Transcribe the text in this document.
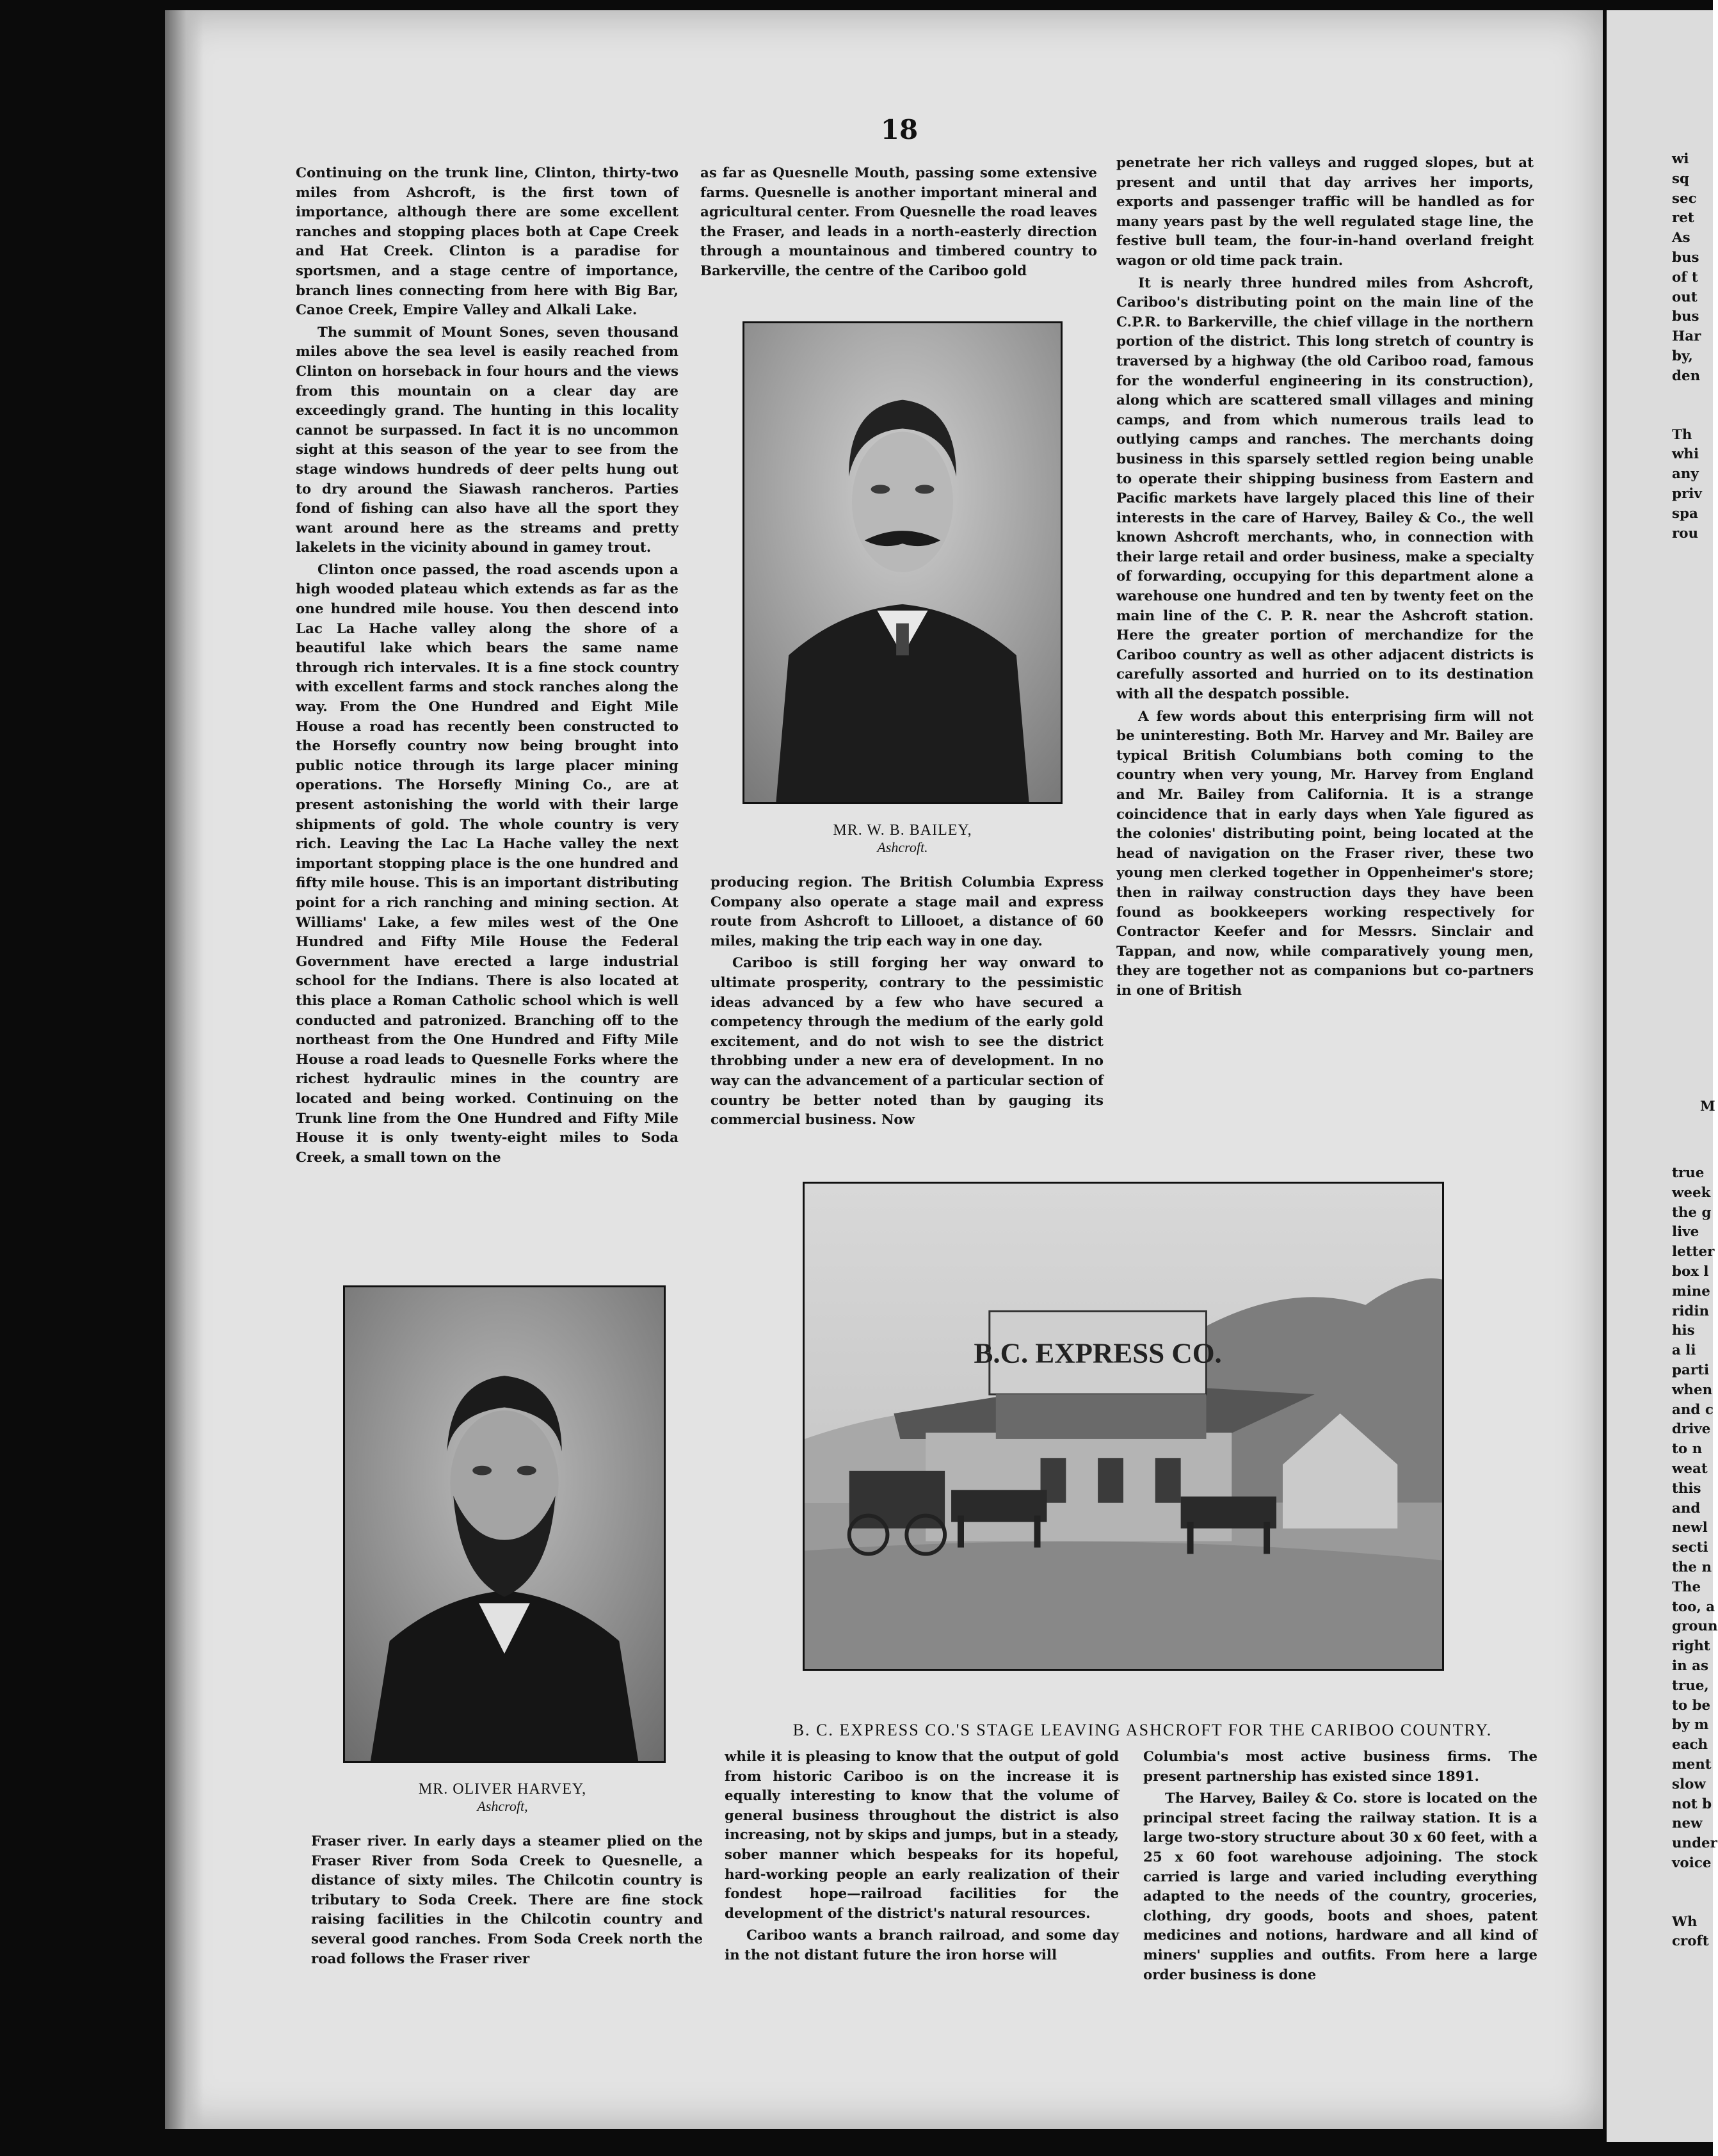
18

Continuing on the trunk line, Clinton, thirty-two miles from Ashcroft, is the first town of importance, although there are some excellent ranches and stopping places both at Cape Creek and Hat Creek. Clinton is a paradise for sportsmen, and a stage centre of importance, branch lines connecting from here with Big Bar, Canoe Creek, Empire Valley and Alkali Lake.

The summit of Mount Sones, seven thousand miles above the sea level is easily reached from Clinton on horseback in four hours and the views from this mountain on a clear day are exceedingly grand. The hunting in this locality cannot be surpassed. In fact it is no uncommon sight at this season of the year to see from the stage windows hundreds of deer pelts hung out to dry around the Siawash rancheros. Parties fond of fishing can also have all the sport they want around here as the streams and pretty lakelets in the vicinity abound in gamey trout.

Clinton once passed, the road ascends upon a high wooded plateau which extends as far as the one hundred mile house. You then descend into Lac La Hache valley along the shore of a beautiful lake which bears the same name through rich intervales. It is a fine stock country with excellent farms and stock ranches along the way. From the One Hundred and Eight Mile House a road has recently been constructed to the Horsefly country now being brought into public notice through its large placer mining operations. The Horsefly Mining Co., are at present astonishing the world with their large shipments of gold. The whole country is very rich. Leaving the Lac La Hache valley the next important stopping place is the one hundred and fifty mile house. This is an important distributing point for a rich ranching and mining section. At Williams' Lake, a few miles west of the One Hundred and Fifty Mile House the Federal Government have erected a large industrial school for the Indians. There is also located at this place a Roman Catholic school which is well conducted and patronized. Branching off to the northeast from the One Hundred and Fifty Mile House a road leads to Quesnelle Forks where the richest hydraulic mines in the country are located and being worked. Continuing on the Trunk line from the One Hundred and Fifty Mile House it is only twenty-eight miles to Soda Creek, a small town on the

MR. OLIVER HARVEY,
Ashcroft,

Fraser river. In early days a steamer plied on the Fraser River from Soda Creek to Quesnelle, a distance of sixty miles. The Chilcotin country is tributary to Soda Creek. There are fine stock raising facilities in the Chilcotin country and several good ranches. From Soda Creek north the road follows the Fraser river

as far as Quesnelle Mouth, passing some extensive farms. Quesnelle is another important mineral and agricultural center. From Quesnelle the road leaves the Fraser, and leads in a north-easterly direction through a mountainous and timbered country to Barkerville, the centre of the Cariboo gold

MR. W. B. BAILEY,
Ashcroft.

producing region. The British Columbia Express Company also operate a stage mail and express route from Ashcroft to Lillooet, a distance of 60 miles, making the trip each way in one day.

Cariboo is still forging her way onward to ultimate prosperity, contrary to the pessimistic ideas advanced by a few who have secured a competency through the medium of the early gold excitement, and do not wish to see the district throbbing under a new era of development. In no way can the advancement of a particular section of country be better noted than by gauging its commercial business. Now

penetrate her rich valleys and rugged slopes, but at present and until that day arrives her imports, exports and passenger traffic will be handled as for many years past by the well regulated stage line, the festive bull team, the four-in-hand overland freight wagon or old time pack train.

It is nearly three hundred miles from Ashcroft, Cariboo's distributing point on the main line of the C.P.R. to Barkerville, the chief village in the northern portion of the district. This long stretch of country is traversed by a highway (the old Cariboo road, famous for the wonderful engineering in its construction), along which are scattered small villages and mining camps, and from which numerous trails lead to outlying camps and ranches. The merchants doing business in this sparsely settled region being unable to operate their shipping business from Eastern and Pacific markets have largely placed this line of their interests in the care of Harvey, Bailey & Co., the well known Ashcroft merchants, who, in connection with their large retail and order business, make a specialty of forwarding, occupying for this department alone a warehouse one hundred and ten by twenty feet on the main line of the C. P. R. near the Ashcroft station. Here the greater portion of merchandize for the Cariboo country as well as other adjacent districts is carefully assorted and hurried on to its destination with all the despatch possible.

A few words about this enterprising firm will not be uninteresting. Both Mr. Harvey and Mr. Bailey are typical British Columbians both coming to the country when very young, Mr. Harvey from England and Mr. Bailey from California. It is a strange coincidence that in early days when Yale figured as the colonies' distributing point, being located at the head of navigation on the Fraser river, these two young men clerked together in Oppenheimer's store; then in railway construction days they have been found as bookkeepers working respectively for Contractor Keefer and for Messrs. Sinclair and Tappan, and now, while comparatively young men, they are together not as companions but co-partners in one of British

B.C. EXPRESS CO.
B. C. EXPRESS CO.'S STAGE LEAVING ASHCROFT FOR THE CARIBOO COUNTRY.

while it is pleasing to know that the output of gold from historic Cariboo is on the increase it is equally interesting to know that the volume of general business throughout the district is also increasing, not by skips and jumps, but in a steady, sober manner which bespeaks for its hopeful, hard-working people an early realization of their fondest hope—railroad facilities for the development of the district's natural resources.

Cariboo wants a branch railroad, and some day in the not distant future the iron horse will

Columbia's most active business firms. The present partnership has existed since 1891.

The Harvey, Bailey & Co. store is located on the principal street facing the railway station. It is a large two-story structure about 30 x 60 feet, with a 25 x 60 foot warehouse adjoining. The stock carried is large and varied including everything adapted to the needs of the country, groceries, clothing, dry goods, boots and shoes, patent medicines and notions, hardware and all kind of miners' supplies and outfits. From here a large order business is done

wi
sq
sec
ret
As
bus
of t
out
bus
Har
by,
den
Th
whi
any
priv
spa
rou
M
true
week
the g
live
letter
box l
mine
ridin
his
a li
parti
when
and c
drive
to n
weat
this
and
newl
secti
the n
The
too, a
groun
right
in as
true,
to be
by m
each
ment
slow
not b
new
under
voice
Wh
croft
